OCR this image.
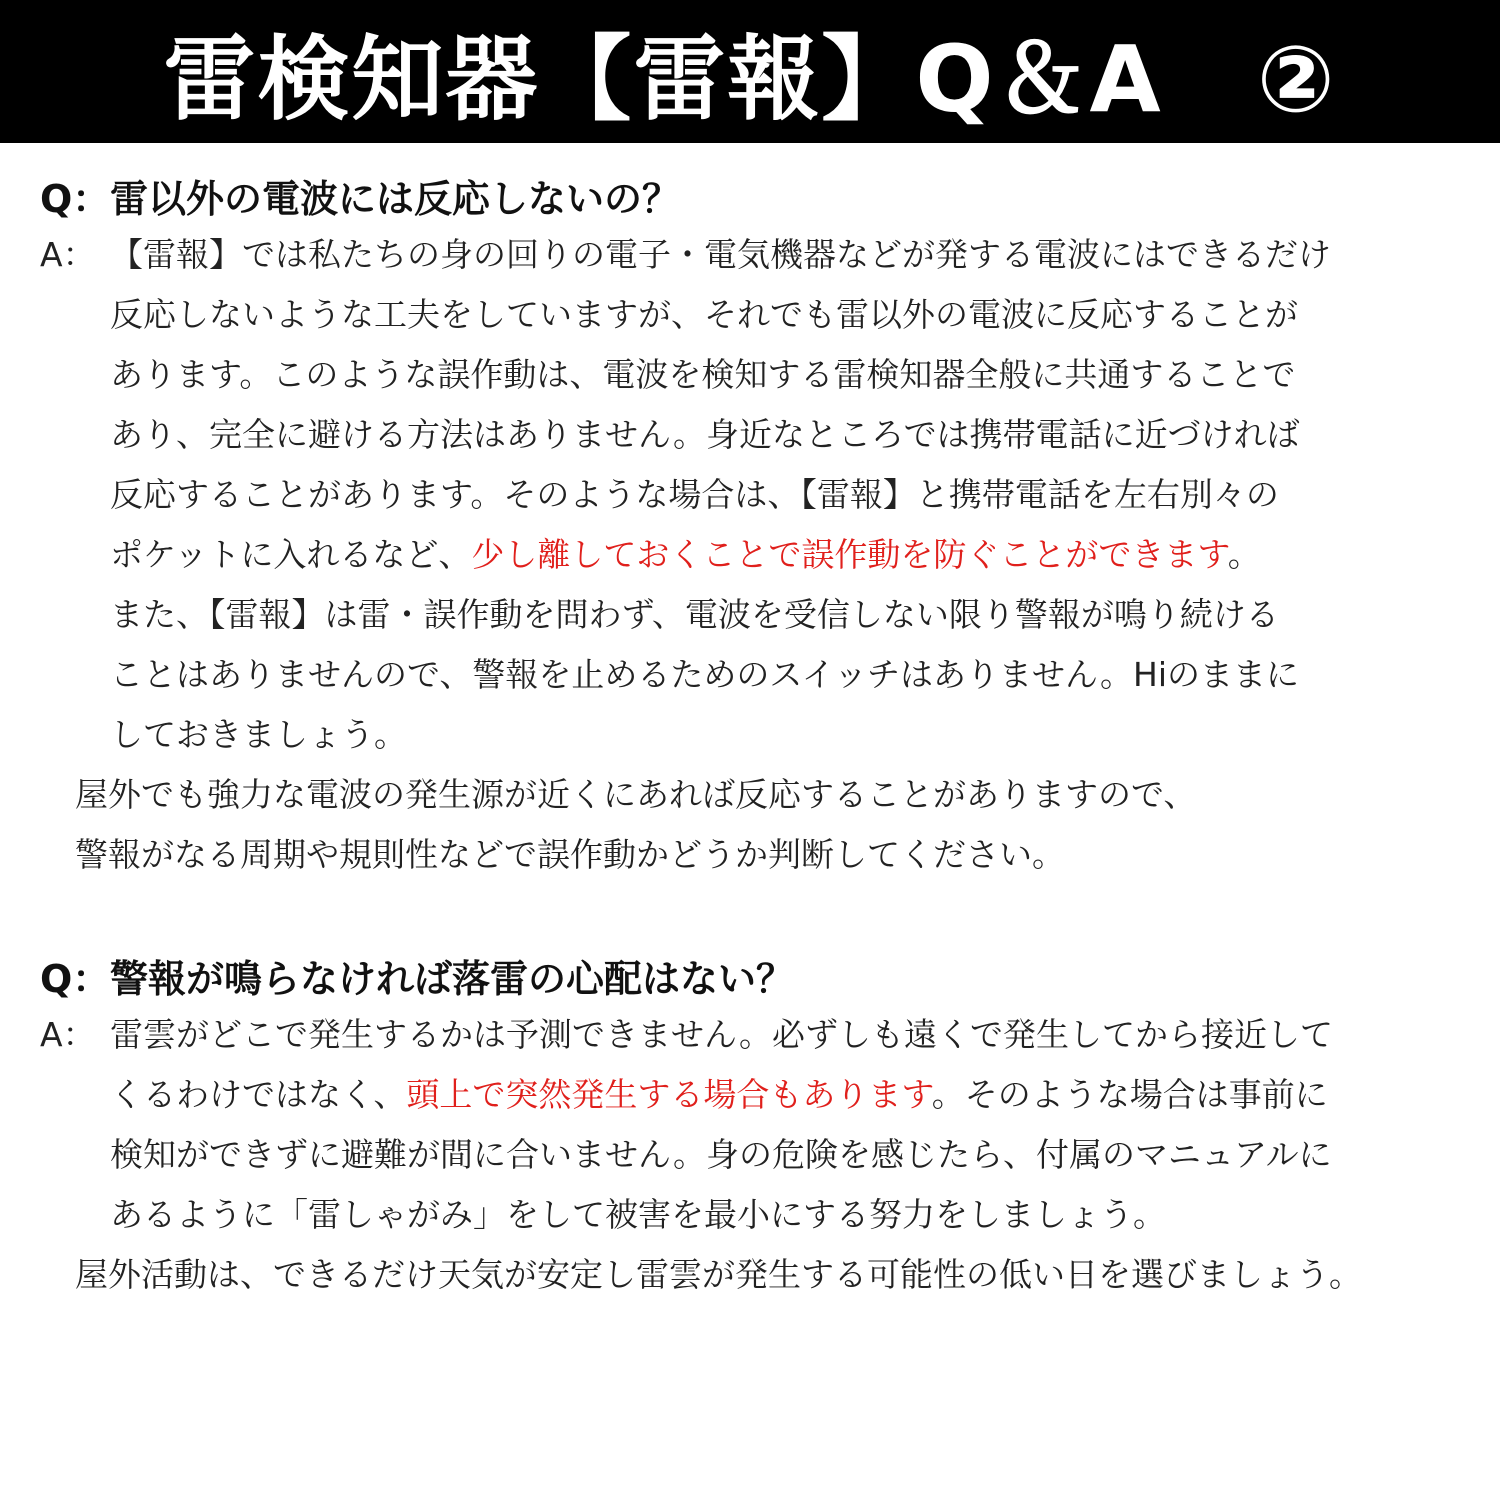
雷検知器【雷報】Q＆A　②
Q：雷以外の電波には反応しないの？
A： 【雷報】では私たちの身の回りの電子・電気機器などが発する電波にはできるだけ
反応しないような工夫をしていますが、それでも雷以外の電波に反応することが
あります。このような誤作動は、電波を検知する雷検知器全般に共通することで
あり、完全に避ける方法はありません。身近なところでは携帯電話に近づければ
反応することがあります。そのような場合は、【雷報】と携帯電話を左右別々の
ポケットに入れるなど、少し離しておくことで誤作動を防ぐことができます。
また、【雷報】は雷・誤作動を問わず、電波を受信しない限り警報が鳴り続ける
ことはありませんので、警報を止めるためのスイッチはありません。Hiのままに
しておきましょう。
屋外でも強力な電波の発生源が近くにあれば反応することがありますので、
警報がなる周期や規則性などで誤作動かどうか判断してください。
Q：警報が鳴らなければ落雷の心配はない？
A： 雷雲がどこで発生するかは予測できません。必ずしも遠くで発生してから接近して
くるわけではなく、頭上で突然発生する場合もあります。そのような場合は事前に
検知ができずに避難が間に合いません。身の危険を感じたら、付属のマニュアルに
あるように「雷しゃがみ」をして被害を最小にする努力をしましょう。
屋外活動は、できるだけ天気が安定し雷雲が発生する可能性の低い日を選びましょう。
